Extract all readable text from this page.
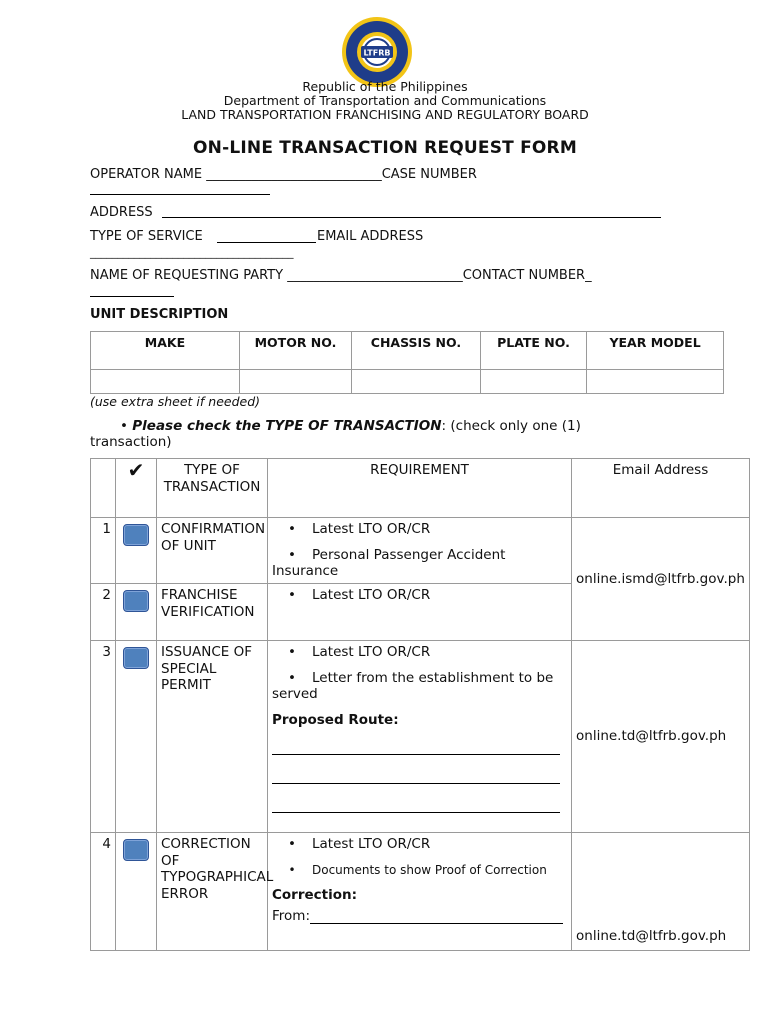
LTFRB
Republic of the Philippines
Department of Transportation and Communications
LAND TRANSPORTATION FRANCHISING AND REGULATORY BOARD
ON-LINE TRANSACTION REQUEST FORM
OPERATOR NAME ___________________________CASE NUMBER
ADDRESS
TYPE OF SERVICE	EMAIL ADDRESS
_____________________________________
NAME OF REQUESTING PARTY ___________________________CONTACT NUMBER_
UNIT DESCRIPTION
MAKE	MOTOR NO.	CHASSIS NO.	PLATE NO.	YEAR MODEL

(use extra sheet if needed)
• Please check the TYPE OF TRANSACTION: (check only one (1)
transaction)
	✔	TYPE OF TRANSACTION	REQUIREMENT	Email Address
1		CONFIRMATION OF UNIT	• Latest LTO OR/CR
• Personal Passenger Accident Insurance	online.ismd@ltfrb.gov.ph
2		FRANCHISE VERIFICATION	• Latest LTO OR/CR	

3		ISSUANCE OF SPECIAL PERMIT	• Latest LTO OR/CR
• Letter from the establishment to be served
Proposed Route:	online.td@ltfrb.gov.ph
4		CORRECTION OF TYPOGRAPHICAL ERROR	• Latest LTO OR/CR
• Documents to show Proof of Correction
Correction:
From:	online.td@ltfrb.gov.ph
